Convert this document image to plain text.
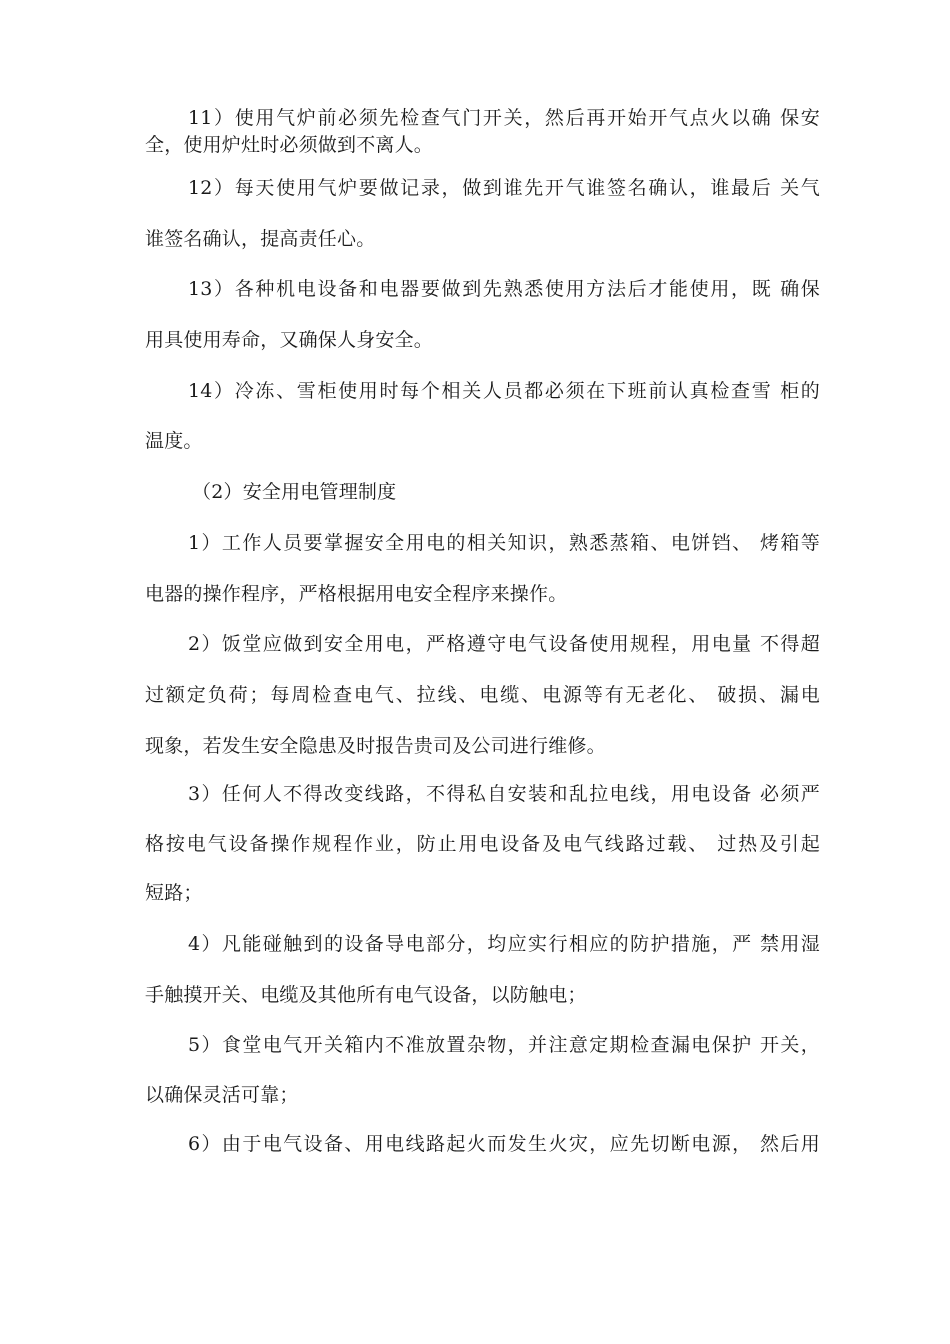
11）使用气炉前必须先检查气门开关，然后再开始开气点火以确 保安
全，使用炉灶时必须做到不离人。
12）每天使用气炉要做记录，做到谁先开气谁签名确认，谁最后 关气
谁签名确认，提高责任心。
13）各种机电设备和电器要做到先熟悉使用方法后才能使用，既 确保
用具使用寿命，又确保人身安全。
14）冷冻、雪柜使用时每个相关人员都必须在下班前认真检查雪 柜的
温度。
（2）安全用电管理制度
1）工作人员要掌握安全用电的相关知识，熟悉蒸箱、电饼铛、 烤箱等
电器的操作程序，严格根据用电安全程序来操作。
2）饭堂应做到安全用电，严格遵守电气设备使用规程，用电量 不得超
过额定负荷；每周检查电气、拉线、电缆、电源等有无老化、 破损、漏电
现象，若发生安全隐患及时报告贵司及公司进行维修。
3）任何人不得改变线路，不得私自安装和乱拉电线，用电设备 必须严
格按电气设备操作规程作业，防止用电设备及电气线路过载、 过热及引起
短路；
4）凡能碰触到的设备导电部分，均应实行相应的防护措施，严 禁用湿
手触摸开关、电缆及其他所有电气设备，以防触电；
5）食堂电气开关箱内不准放置杂物，并注意定期检查漏电保护 开关，
以确保灵活可靠；
6）由于电气设备、用电线路起火而发生火灾，应先切断电源， 然后用
